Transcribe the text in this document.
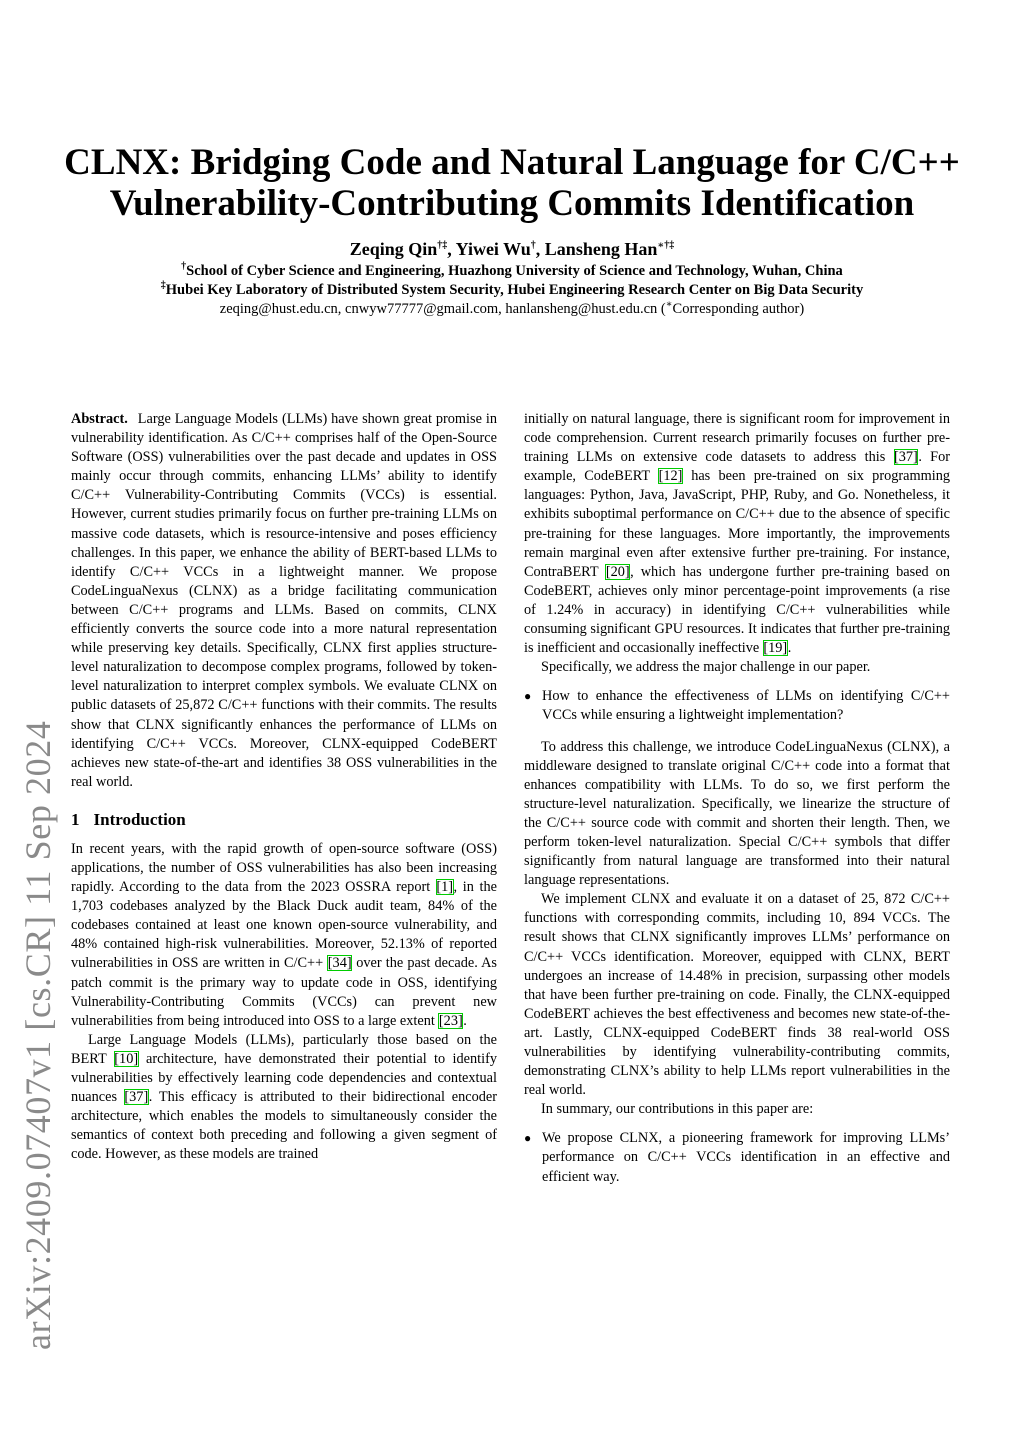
arXiv:2409.07407v1 [cs.CR] 11 Sep 2024
CLNX: Bridging Code and Natural Language for C/C++
Vulnerability-Contributing Commits Identification
Zeqing Qin†‡, Yiwei Wu†, Lansheng Han∗†‡
†School of Cyber Science and Engineering, Huazhong University of Science and Technology, Wuhan, China
‡Hubei Key Laboratory of Distributed System Security, Hubei Engineering Research Center on Big Data Security
zeqing@hust.edu.cn, cnwyw77777@gmail.com, hanlansheng@hust.edu.cn (∗Corresponding author)

Abstract. Large Language Models (LLMs) have shown great promise in vulnerability identification. As C/C++ comprises half of the Open-Source Software (OSS) vulnerabilities over the past decade and updates in OSS mainly occur through commits, enhancing LLMs’ ability to identify C/C++ Vulnerability-Contributing Commits (VCCs) is essential. However, current studies primarily focus on further pre-training LLMs on massive code datasets, which is resource-intensive and poses efficiency challenges. In this paper, we enhance the ability of BERT-based LLMs to identify C/C++ VCCs in a lightweight manner. We propose CodeLinguaNexus (CLNX) as a bridge facilitating communication between C/C++ programs and LLMs. Based on commits, CLNX efficiently converts the source code into a more natural representation while preserving key details. Specifically, CLNX first applies structure-level naturalization to decompose complex programs, followed by token-level naturalization to interpret complex symbols. We evaluate CLNX on public datasets of 25,872 C/C++ functions with their commits. The results show that CLNX significantly enhances the performance of LLMs on identifying C/C++ VCCs. Moreover, CLNX-equipped CodeBERT achieves new state-of-the-art and identifies 38 OSS vulnerabilities in the real world.

1 Introduction

In recent years, with the rapid growth of open-source software (OSS) applications, the number of OSS vulnerabilities has also been increasing rapidly. According to the data from the 2023 OSSRA report [1], in the 1,703 codebases analyzed by the Black Duck audit team, 84% of the codebases contained at least one known open-source vulnerability, and 48% contained high-risk vulnerabilities. Moreover, 52.13% of reported vulnerabilities in OSS are written in C/C++ [34] over the past decade. As patch commit is the primary way to update code in OSS, identifying Vulnerability-Contributing Commits (VCCs) can prevent new vulnerabilities from being introduced into OSS to a large extent [23].

Large Language Models (LLMs), particularly those based on the BERT [10] architecture, have demonstrated their potential to identify vulnerabilities by effectively learning code dependencies and contextual nuances [37]. This efficacy is attributed to their bidirectional encoder architecture, which enables the models to simultaneously consider the semantics of context both preceding and following a given segment of code. However, as these models are trained

initially on natural language, there is significant room for improvement in code comprehension. Current research primarily focuses on further pre-training LLMs on extensive code datasets to address this [37]. For example, CodeBERT [12] has been pre-trained on six programming languages: Python, Java, JavaScript, PHP, Ruby, and Go. Nonetheless, it exhibits suboptimal performance on C/C++ due to the absence of specific pre-training for these languages. More importantly, the improvements remain marginal even after extensive further pre-training. For instance, ContraBERT [20], which has undergone further pre-training based on CodeBERT, achieves only minor percentage-point improvements (a rise of 1.24% in accuracy) in identifying C/C++ vulnerabilities while consuming significant GPU resources. It indicates that further pre-training is inefficient and occasionally ineffective [19].

Specifically, we address the major challenge in our paper.

● How to enhance the effectiveness of LLMs on identifying C/C++ VCCs while ensuring a lightweight implementation?

To address this challenge, we introduce CodeLinguaNexus (CLNX), a middleware designed to translate original C/C++ code into a format that enhances compatibility with LLMs. To do so, we first perform the structure-level naturalization. Specifically, we linearize the structure of the C/C++ source code with commit and shorten their length. Then, we perform token-level naturalization. Special C/C++ symbols that differ significantly from natural language are transformed into their natural language representations.

We implement CLNX and evaluate it on a dataset of 25, 872 C/C++ functions with corresponding commits, including 10, 894 VCCs. The result shows that CLNX significantly improves LLMs’ performance on C/C++ VCCs identification. Moreover, equipped with CLNX, BERT undergoes an increase of 14.48% in precision, surpassing other models that have been further pre-training on code. Finally, the CLNX-equipped CodeBERT achieves the best effectiveness and becomes new state-of-the-art. Lastly, CLNX-equipped CodeBERT finds 38 real-world OSS vulnerabilities by identifying vulnerability-contributing commits, demonstrating CLNX’s ability to help LLMs report vulnerabilities in the real world.

In summary, our contributions in this paper are:

● We propose CLNX, a pioneering framework for improving LLMs’ performance on C/C++ VCCs identification in an effective and efficient way.
